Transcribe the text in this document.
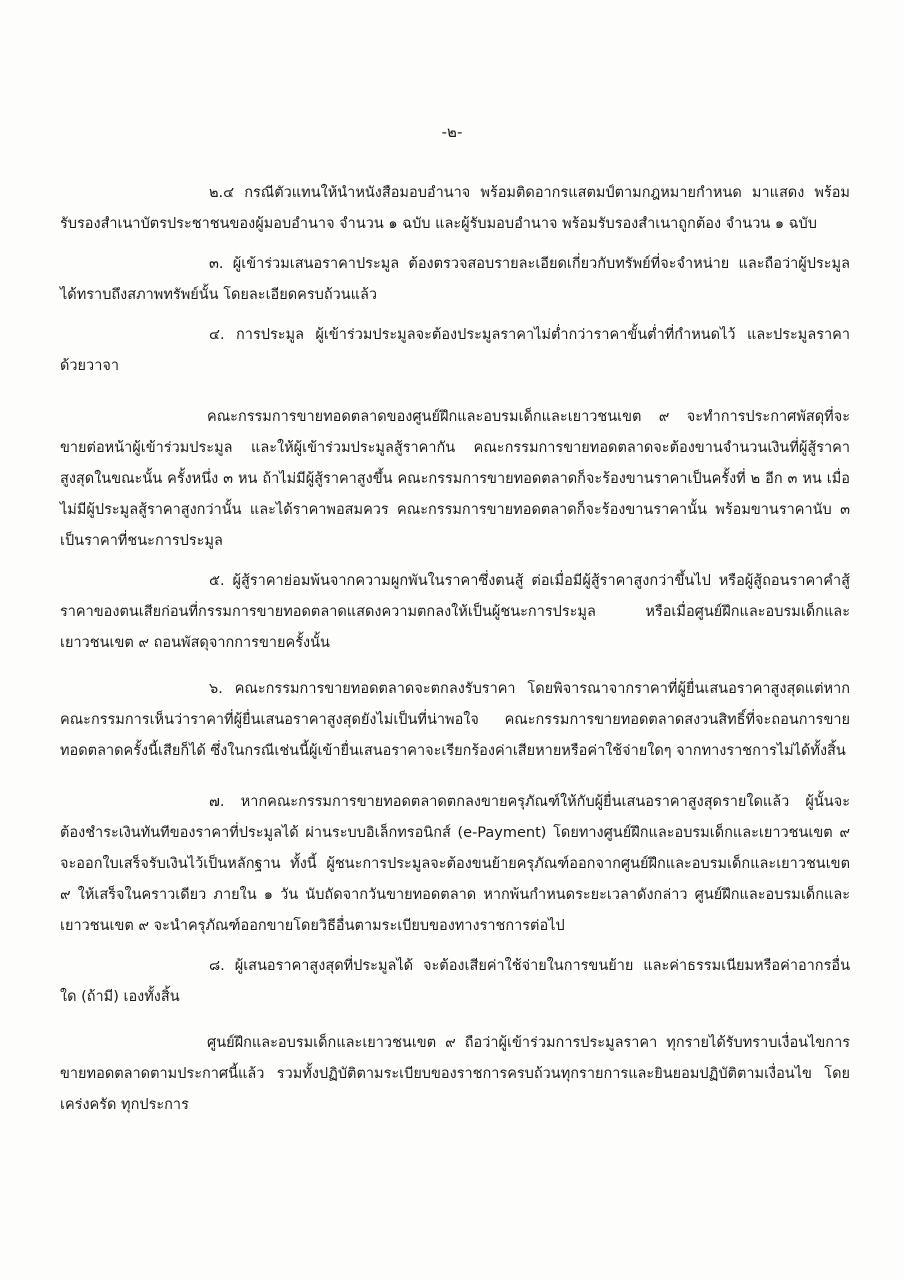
-๒-

๒.๔ กรณีตัวแทนให้นำหนังสือมอบอำนาจ พร้อมติดอากรแสตมป์ตามกฎหมายกำหนด มาแสดง พร้อมรับรองสำเนาบัตรประชาชนของผู้มอบอำนาจ จำนวน ๑ ฉบับ และผู้รับมอบอำนาจ พร้อมรับรองสำเนาถูกต้อง จำนวน ๑ ฉบับ

๓. ผู้เข้าร่วมเสนอราคาประมูล ต้องตรวจสอบรายละเอียดเกี่ยวกับทรัพย์ที่จะจำหน่าย และถือว่าผู้ประมูลได้ทราบถึงสภาพทรัพย์นั้น โดยละเอียดครบถ้วนแล้ว

๔. การประมูล ผู้เข้าร่วมประมูลจะต้องประมูลราคาไม่ต่ำกว่าราคาขั้นต่ำที่กำหนดไว้ และประมูลราคาด้วยวาจา

คณะกรรมการขายทอดตลาดของศูนย์ฝึกและอบรมเด็กและเยาวชนเขต ๙ จะทำการประกาศพัสดุที่จะขายต่อหน้าผู้เข้าร่วมประมูล และให้ผู้เข้าร่วมประมูลสู้ราคากัน คณะกรรมการขายทอดตลาดจะต้องขานจำนวนเงินที่ผู้สู้ราคาสูงสุดในขณะนั้น ครั้งหนึ่ง ๓ หน ถ้าไม่มีผู้สู้ราคาสูงขึ้น คณะกรรมการขายทอดตลาดก็จะร้องขานราคาเป็นครั้งที่ ๒ อีก ๓ หน เมื่อไม่มีผู้ประมูลสู้ราคาสูงกว่านั้น และได้ราคาพอสมควร คณะกรรมการขายทอดตลาดก็จะร้องขานราคานั้น พร้อมขานราคานับ ๓ เป็นราคาที่ชนะการประมูล

๕. ผู้สู้ราคาย่อมพ้นจากความผูกพันในราคาซึ่งตนสู้ ต่อเมื่อมีผู้สู้ราคาสูงกว่าขึ้นไป หรือผู้สู้ถอนราคาคำสู้ราคาของตนเสียก่อนที่กรรมการขายทอดตลาดแสดงความตกลงให้เป็นผู้ชนะการประมูล หรือเมื่อศูนย์ฝึกและอบรมเด็กและเยาวชนเขต ๙ ถอนพัสดุจากการขายครั้งนั้น

๖. คณะกรรมการขายทอดตลาดจะตกลงรับราคา โดยพิจารณาจากราคาที่ผู้ยื่นเสนอราคาสูงสุดแต่หากคณะกรรมการเห็นว่าราคาที่ผู้ยื่นเสนอราคาสูงสุดยังไม่เป็นที่น่าพอใจ คณะกรรมการขายทอดตลาดสงวนสิทธิ์ที่จะถอนการขายทอดตลาดครั้งนี้เสียก็ได้ ซึ่งในกรณีเช่นนี้ผู้เข้ายื่นเสนอราคาจะเรียกร้องค่าเสียหายหรือค่าใช้จ่ายใดๆ จากทางราชการไม่ได้ทั้งสิ้น

๗. หากคณะกรรมการขายทอดตลาดตกลงขายครุภัณฑ์ให้กับผู้ยื่นเสนอราคาสูงสุดรายใดแล้ว ผู้นั้นจะต้องชำระเงินทันทีของราคาที่ประมูลได้ ผ่านระบบอิเล็กทรอนิกส์ (e-Payment) โดยทางศูนย์ฝึกและอบรมเด็กและเยาวชนเขต ๙ จะออกใบเสร็จรับเงินไว้เป็นหลักฐาน ทั้งนี้ ผู้ชนะการประมูลจะต้องขนย้ายครุภัณฑ์ออกจากศูนย์ฝึกและอบรมเด็กและเยาวชนเขต ๙ ให้เสร็จในคราวเดียว ภายใน ๑ วัน นับถัดจากวันขายทอดตลาด หากพ้นกำหนดระยะเวลาดังกล่าว ศูนย์ฝึกและอบรมเด็กและเยาวชนเขต ๙ จะนำครุภัณฑ์ออกขายโดยวิธีอื่นตามระเบียบของทางราชการต่อไป

๘. ผู้เสนอราคาสูงสุดที่ประมูลได้ จะต้องเสียค่าใช้จ่ายในการขนย้าย และค่าธรรมเนียมหรือค่าอากรอื่นใด (ถ้ามี) เองทั้งสิ้น

ศูนย์ฝึกและอบรมเด็กและเยาวชนเขต ๙ ถือว่าผู้เข้าร่วมการประมูลราคา ทุกรายได้รับทราบเงื่อนไขการขายทอดตลาดตามประกาศนี้แล้ว รวมทั้งปฏิบัติตามระเบียบของราชการครบถ้วนทุกรายการและยินยอมปฏิบัติตามเงื่อนไข โดยเคร่งครัด ทุกประการ
